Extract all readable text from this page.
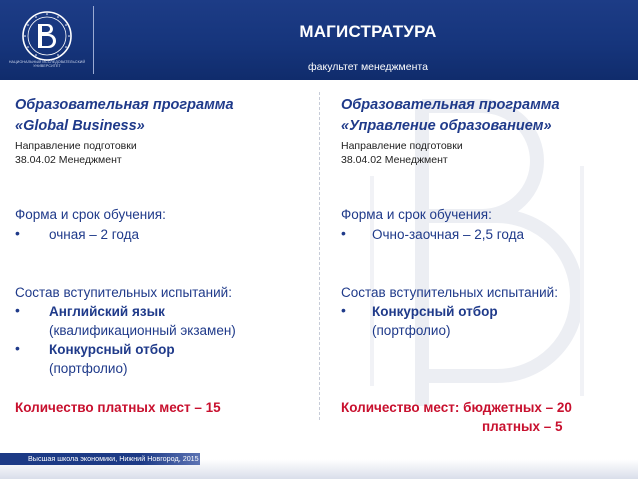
НАЦИОНАЛЬНЫЙ ИССЛЕДОВАТЕЛЬСКИЙ УНИВЕРСИТЕТ
МАГИСТРАТУРА
факультет менеджмента
Образовательная программа
«Global Business»
Направление подготовки
38.04.02 Менеджмент
Форма и срок обучения:
• очная – 2 года
Состав вступительных испытаний:
• Английский язык
(квалификационный экзамен)
• Конкурсный отбор
(портфолио)
Количество платных мест – 15
Образовательная программа
«Управление образованием»
Направление подготовки
38.04.02 Менеджмент
Форма и срок обучения:
• Очно-заочная – 2,5 года
Состав вступительных испытаний:
• Конкурсный отбор
(портфолио)
Количество мест: бюджетных – 20
платных – 5
Высшая школа экономики, Нижний Новгород, 2015
